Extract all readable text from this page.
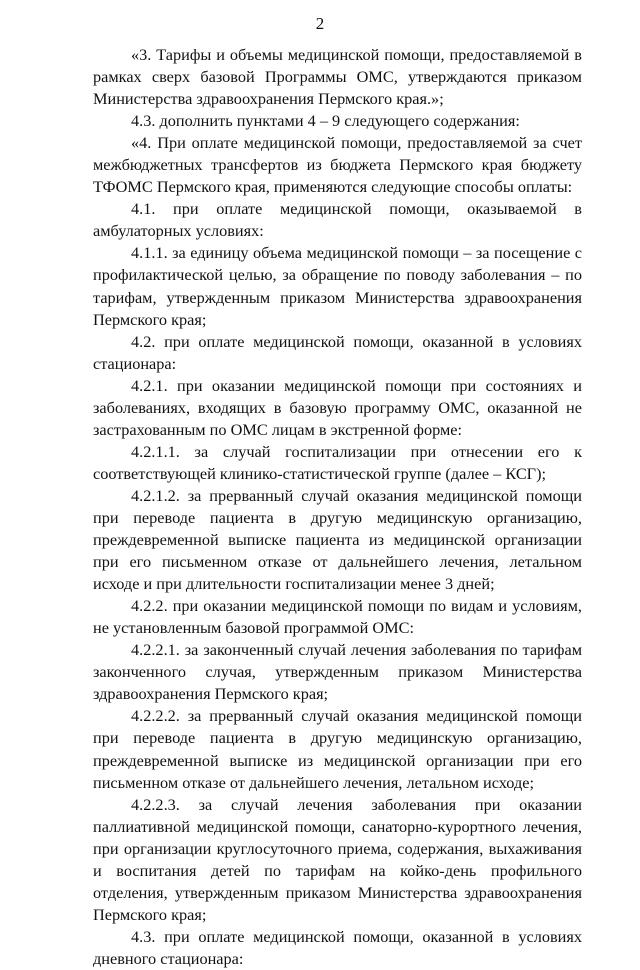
2

«3. Тарифы и объемы медицинской помощи, предоставляемой в рамках сверх базовой Программы ОМС, утверждаются приказом Министерства здравоохранения Пермского края.»;

4.3. дополнить пунктами 4 – 9 следующего содержания:

«4. При оплате медицинской помощи, предоставляемой за счет межбюджетных трансфертов из бюджета Пермского края бюджету ТФОМС Пермского края, применяются следующие способы оплаты:

4.1. при оплате медицинской помощи, оказываемой в амбулаторных условиях:

4.1.1. за единицу объема медицинской помощи – за посещение с профилактической целью, за обращение по поводу заболевания – по тарифам, утвержденным приказом Министерства здравоохранения Пермского края;

4.2. при оплате медицинской помощи, оказанной в условиях стационара:

4.2.1. при оказании медицинской помощи при состояниях и заболеваниях, входящих в базовую программу ОМС, оказанной не застрахованным по ОМС лицам в экстренной форме:

4.2.1.1. за случай госпитализации при отнесении его к соответствующей клинико-статистической группе (далее – КСГ);

4.2.1.2. за прерванный случай оказания медицинской помощи при переводе пациента в другую медицинскую организацию, преждевременной выписке пациента из медицинской организации при его письменном отказе от дальнейшего лечения, летальном исходе и при длительности госпитализации менее 3 дней;

4.2.2. при оказании медицинской помощи по видам и условиям, не установленным базовой программой ОМС:

4.2.2.1. за законченный случай лечения заболевания по тарифам законченного случая, утвержденным приказом Министерства здравоохранения Пермского края;

4.2.2.2. за прерванный случай оказания медицинской помощи при переводе пациента в другую медицинскую организацию, преждевременной выписке из медицинской организации при его письменном отказе от дальнейшего лечения, летальном исходе;

4.2.2.3. за случай лечения заболевания при оказании паллиативной медицинской помощи, санаторно-курортного лечения, при организации круглосуточного приема, содержания, выхаживания и воспитания детей по тарифам на койко-день профильного отделения, утвержденным приказом Министерства здравоохранения Пермского края;

4.3. при оплате медицинской помощи, оказанной в условиях дневного стационара:
